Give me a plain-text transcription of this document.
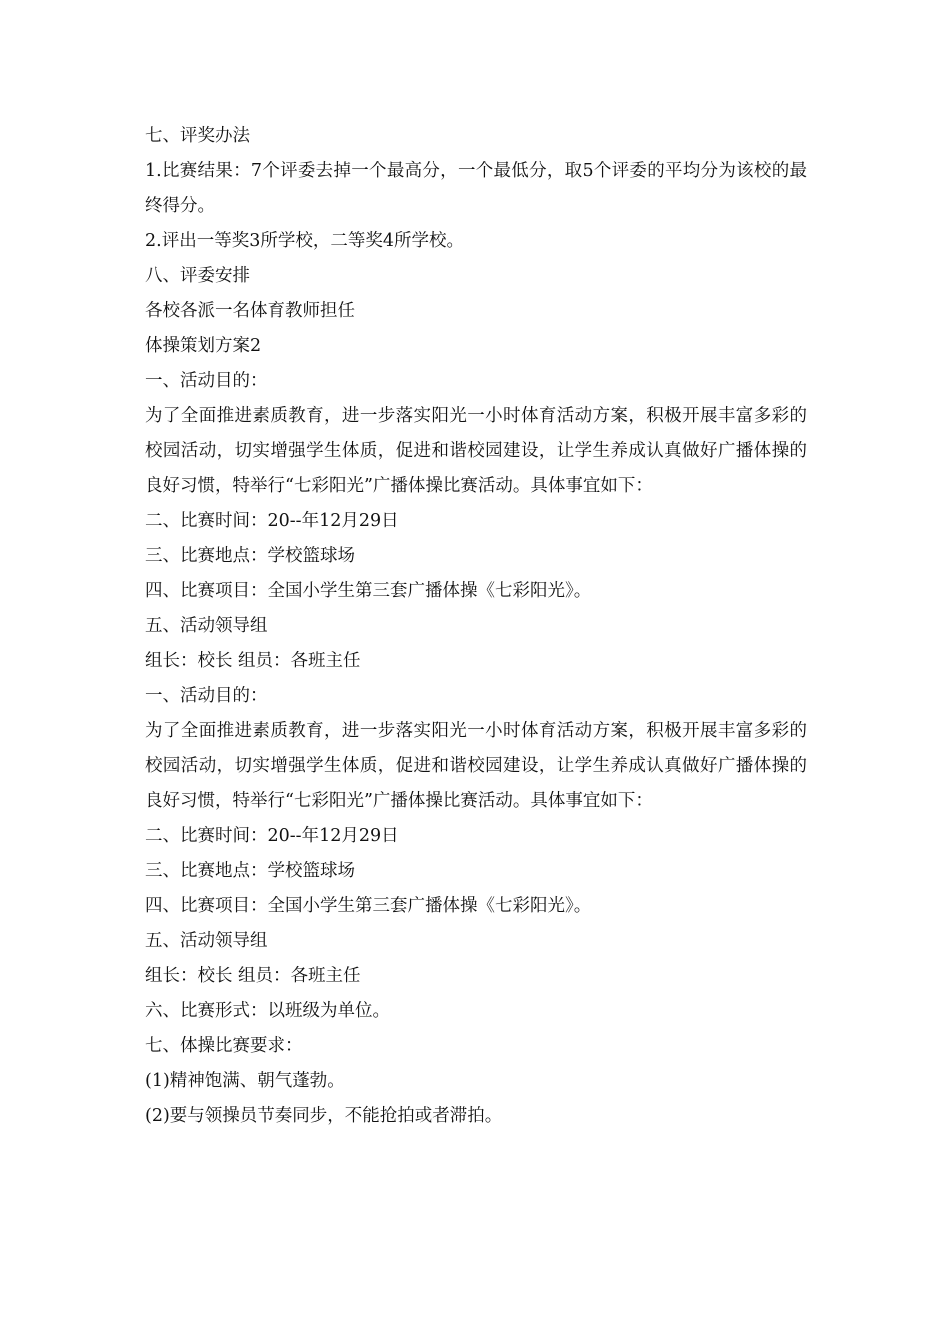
七、评奖办法

1.比赛结果：7个评委去掉一个最高分，一个最低分，取5个评委的平均分为该校的最终得分。

2.评出一等奖3所学校，二等奖4所学校。

八、评委安排

各校各派一名体育教师担任

体操策划方案2

一、活动目的：

为了全面推进素质教育，进一步落实阳光一小时体育活动方案，积极开展丰富多彩的校园活动，切实增强学生体质，促进和谐校园建设，让学生养成认真做好广播体操的良好习惯，特举行“七彩阳光”广播体操比赛活动。具体事宜如下：

二、比赛时间：20--年12月29日

三、比赛地点：学校篮球场

四、比赛项目：全国小学生第三套广播体操《七彩阳光》。

五、活动领导组

组长：校长 组员：各班主任

一、活动目的：

为了全面推进素质教育，进一步落实阳光一小时体育活动方案，积极开展丰富多彩的校园活动，切实增强学生体质，促进和谐校园建设，让学生养成认真做好广播体操的良好习惯，特举行“七彩阳光”广播体操比赛活动。具体事宜如下：

二、比赛时间：20--年12月29日

三、比赛地点：学校篮球场

四、比赛项目：全国小学生第三套广播体操《七彩阳光》。

五、活动领导组

组长：校长 组员：各班主任

六、比赛形式：以班级为单位。

七、体操比赛要求：

(1)精神饱满、朝气蓬勃。

(2)要与领操员节奏同步，不能抢拍或者滞拍。
